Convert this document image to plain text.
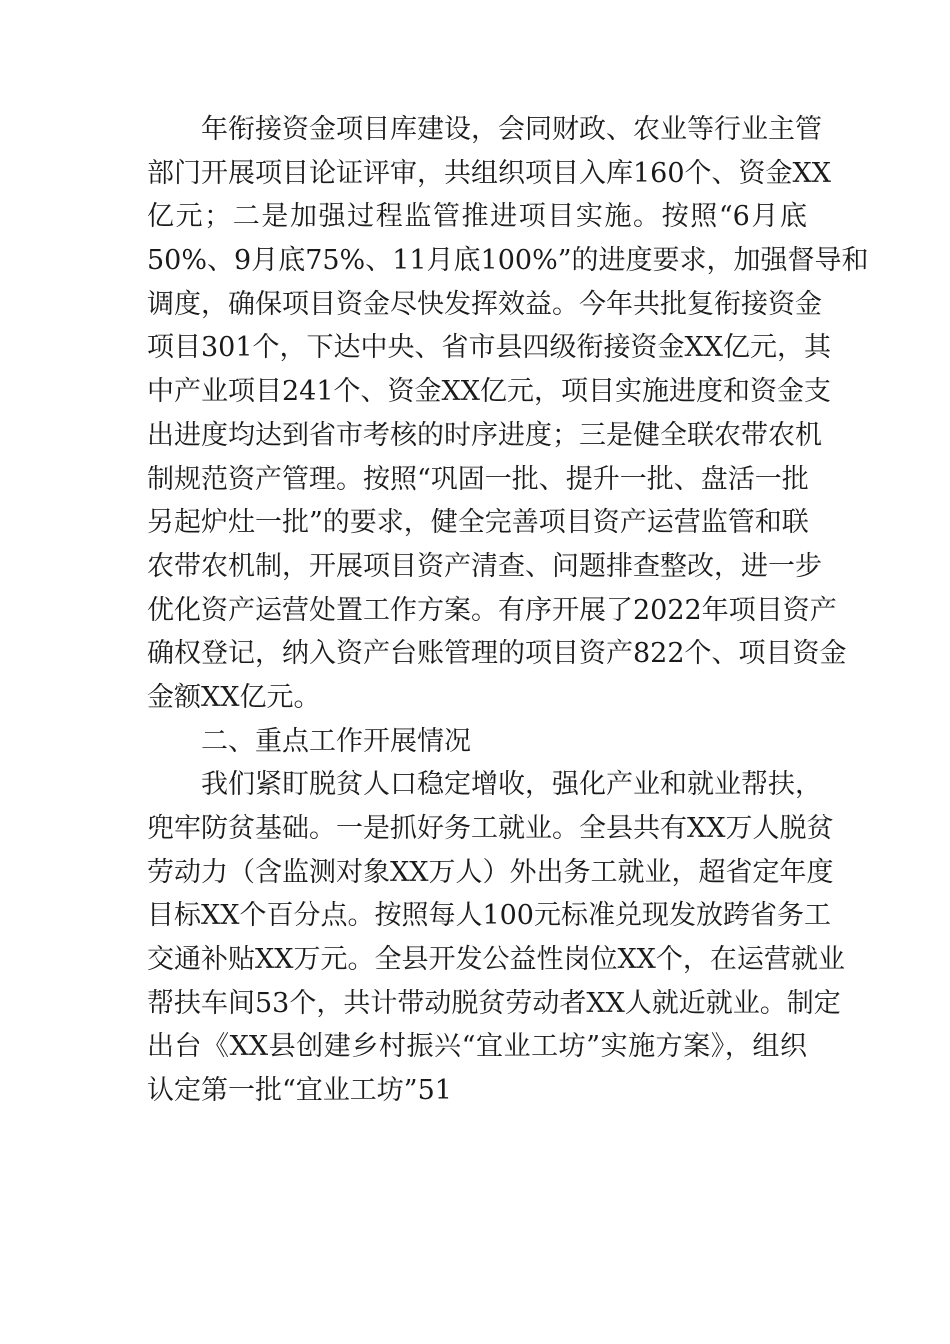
年衔接资金项目库建设，会同财政、农业等行业主管
部门开展项目论证评审，共组织项目入库160个、资金XX
亿元；二是加强过程监管推进项目实施。按照“6月底
50%、9月底75%、11月底100%”的进度要求，加强督导和
调度，确保项目资金尽快发挥效益。今年共批复衔接资金
项目301个，下达中央、省市县四级衔接资金XX亿元，其
中产业项目241个、资金XX亿元，项目实施进度和资金支
出进度均达到省市考核的时序进度；三是健全联农带农机
制规范资产管理。按照“巩固一批、提升一批、盘活一批
另起炉灶一批”的要求，健全完善项目资产运营监管和联
农带农机制，开展项目资产清查、问题排查整改，进一步
优化资产运营处置工作方案。有序开展了2022年项目资产
确权登记，纳入资产台账管理的项目资产822个、项目资金
金额XX亿元。
二、重点工作开展情况
我们紧盯脱贫人口稳定增收，强化产业和就业帮扶，
兜牢防贫基础。一是抓好务工就业。全县共有XX万人脱贫
劳动力（含监测对象XX万人）外出务工就业，超省定年度
目标XX个百分点。按照每人100元标准兑现发放跨省务工
交通补贴XX万元。全县开发公益性岗位XX个，在运营就业
帮扶车间53个，共计带动脱贫劳动者XX人就近就业。制定
出台《XX县创建乡村振兴“宜业工坊”实施方案》，组织
认定第一批“宜业工坊”51
